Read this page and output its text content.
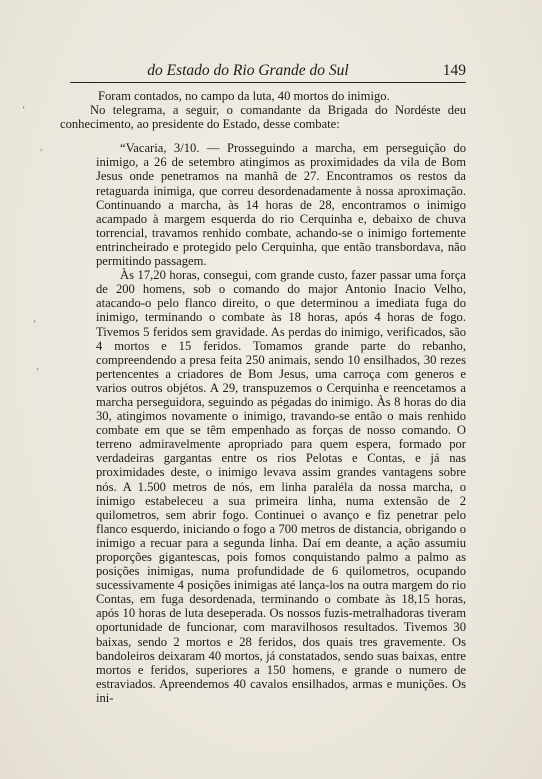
do Estado do Rio Grande do Sul	149
‘
,
‘
’

Foram contados, no campo da luta, 40 mortos do inimigo.

No telegrama, a seguir, o comandante da Brigada do Nordéste deu conhecimento, ao presidente do Estado, desse combate:

“Vacaria, 3/10. — Prosseguindo a marcha, em perseguição do inimigo, a 26 de setembro atingimos as proximidades da vila de Bom Jesus onde penetramos na manhã de 27. Encontramos os restos da retaguarda inimiga, que correu desordenadamente à nossa aproximação. Continuando a marcha, às 14 horas de 28, encontramos o inimigo acampado à margem esquerda do rio Cerquinha e, debaixo de chuva torrencial, travamos renhido combate, achando-se o inimigo fortemente entrincheirado e protegido pelo Cerquinha, que então transbordava, não permitindo passagem.

Às 17,20 horas, consegui, com grande custo, fazer passar uma força de 200 homens, sob o comando do major Antonio Inacio Velho, atacando-o pelo flanco direito, o que determinou a imediata fuga do inimigo, terminando o combate às 18 horas, após 4 horas de fogo. Tivemos 5 feridos sem gravidade. As perdas do inimigo, verificados, são 4 mortos e 15 feridos. Tomamos grande parte do rebanho, compreendendo a presa feita 250 animais, sendo 10 ensilhados, 30 rezes pertencentes a criadores de Bom Jesus, uma carroça com generos e varios outros objétos. A 29, transpuzemos o Cerquinha e reencetamos a marcha perseguidora, seguindo as pégadas do inimigo. Às 8 horas do dia 30, atingimos novamente o inimigo, travando-se então o mais renhido combate em que se têm empenhado as forças de nosso comando. O terreno admiravelmente apropriado para quem espera, formado por verdadeiras gargantas entre os rios Pelotas e Contas, e já nas proximidades deste, o inimigo levava assim grandes vantagens sobre nós. A 1.500 metros de nós, em linha paraléla da nossa marcha, o inimigo estabeleceu a sua primeira linha, numa extensão de 2 quilometros, sem abrir fogo. Continuei o avanço e fiz penetrar pelo flanco esquerdo, iniciando o fogo a 700 metros de distancia, obrigando o inimigo a recuar para a segunda linha. Daí em deante, a ação assumiu proporções gigantescas, pois fomos conquistando palmo a palmo as posições inimigas, numa profundidade de 6 quilometros, ocupando sucessivamente 4 posições inimigas até lança-los na outra margem do rio Contas, em fuga desordenada, terminando o combate às 18,15 horas, após 10 horas de luta deseperada. Os nossos fuzis-metralhadoras tiveram oportunidade de funcionar, com maravilhosos resultados. Tivemos 30 baixas, sendo 2 mortos e 28 feridos, dos quais tres gravemente. Os bandoleiros deixaram 40 mortos, já constatados, sendo suas baixas, entre mortos e feridos, superiores a 150 homens, e grande o numero de estraviados. Apreendemos 40 cavalos ensilhados, armas e munições. Os ini-
